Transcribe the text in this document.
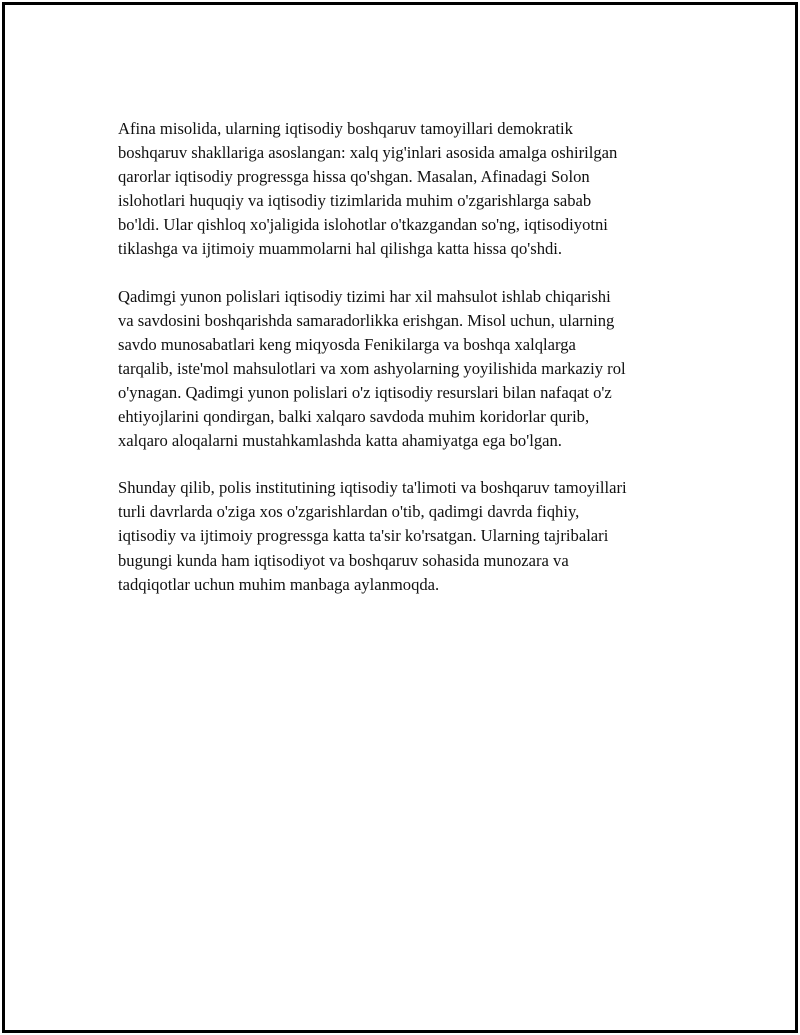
Afina misolida, ularning iqtisodiy boshqaruv tamoyillari demokratik
boshqaruv shakllariga asoslangan: xalq yig'inlari asosida amalga oshirilgan
qarorlar iqtisodiy progressga hissa qo'shgan. Masalan, Afinadagi Solon
islohotlari huquqiy va iqtisodiy tizimlarida muhim o'zgarishlarga sabab
bo'ldi. Ular qishloq xo'jaligida islohotlar o'tkazgandan so'ng, iqtisodiyotni
tiklashga va ijtimoiy muammolarni hal qilishga katta hissa qo'shdi.

Qadimgi yunon polislari iqtisodiy tizimi har xil mahsulot ishlab chiqarishi
va savdosini boshqarishda samaradorlikka erishgan. Misol uchun, ularning
savdo munosabatlari keng miqyosda Fenikilarga va boshqa xalqlarga
tarqalib, iste'mol mahsulotlari va xom ashyolarning yoyilishida markaziy rol
o'ynagan. Qadimgi yunon polislari o'z iqtisodiy resurslari bilan nafaqat o'z
ehtiyojlarini qondirgan, balki xalqaro savdoda muhim koridorlar qurib,
xalqaro aloqalarni mustahkamlashda katta ahamiyatga ega bo'lgan.

Shunday qilib, polis institutining iqtisodiy ta'limoti va boshqaruv tamoyillari
turli davrlarda o'ziga xos o'zgarishlardan o'tib, qadimgi davrda fiqhiy,
iqtisodiy va ijtimoiy progressga katta ta'sir ko'rsatgan. Ularning tajribalari
bugungi kunda ham iqtisodiyot va boshqaruv sohasida munozara va
tadqiqotlar uchun muhim manbaga aylanmoqda.
